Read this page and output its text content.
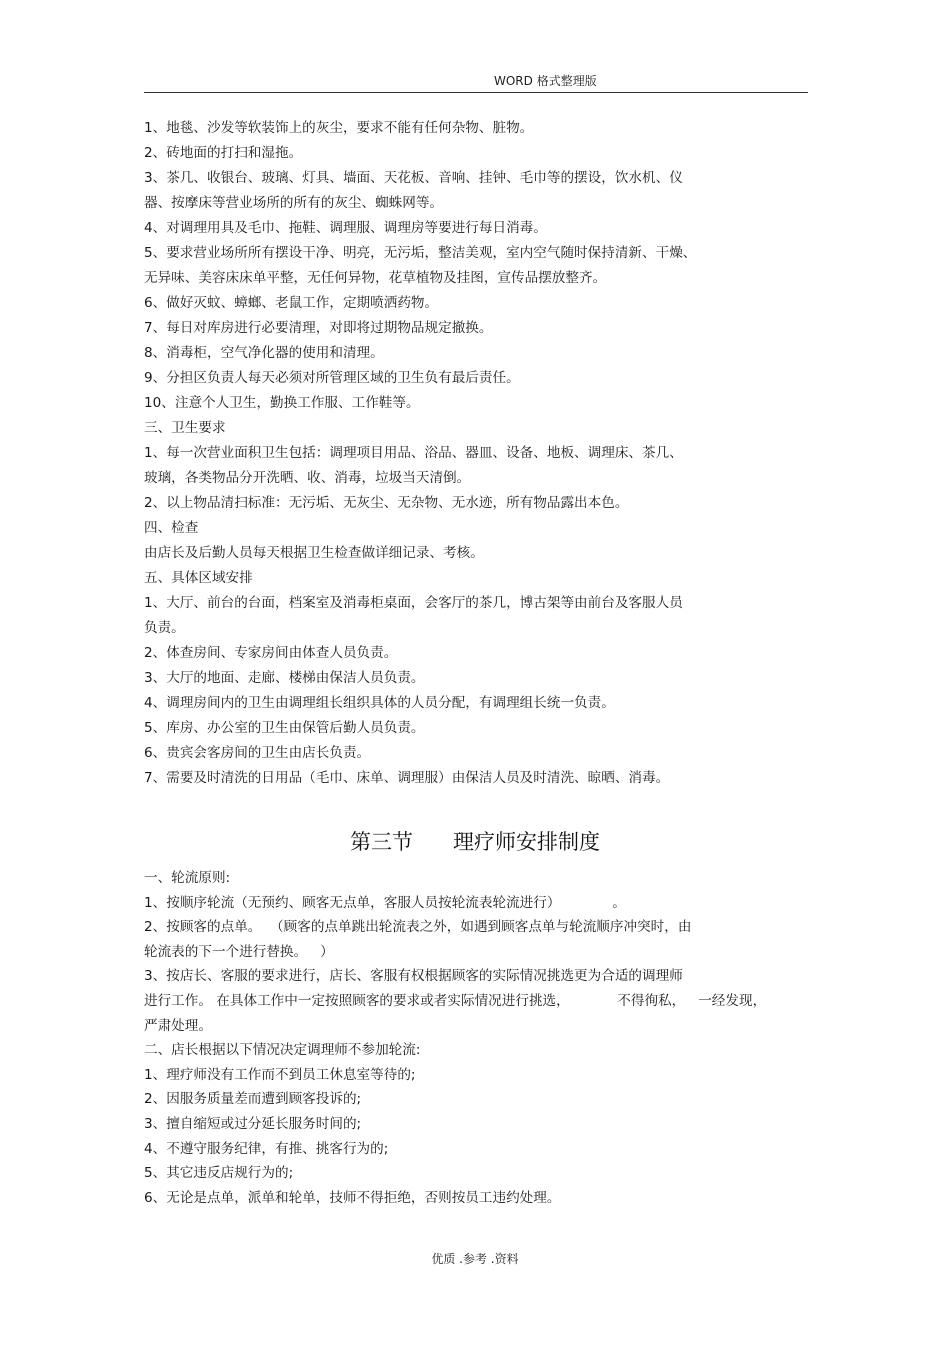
WORD 格式整理版

1、地毯、沙发等软装饰上的灰尘，要求不能有任何杂物、脏物。

2、砖地面的打扫和湿拖。

3、茶几、收银台、玻璃、灯具、墙面、天花板、音响、挂钟、毛巾等的摆设，饮水机、仪

器、按摩床等营业场所的所有的灰尘、蜘蛛网等。

4、对调理用具及毛巾、拖鞋、调理服、调理房等要进行每日消毒。

5、要求营业场所所有摆设干净、明亮，无污垢，整洁美观，室内空气随时保持清新、干燥、

无异味、美容床床单平整，无任何异物，花草植物及挂图，宣传品摆放整齐。

6、做好灭蚊、蟑螂、老鼠工作，定期喷洒药物。

7、每日对库房进行必要清理，对即将过期物品规定撤换。

8、消毒柜，空气净化器的使用和清理。

9、分担区负责人每天必须对所管理区域的卫生负有最后责任。

10、注意个人卫生，勤换工作服、工作鞋等。

三、卫生要求

1、每一次营业面积卫生包括：调理项目用品、浴品、器皿、设备、地板、调理床、茶几、

玻璃，各类物品分开洗晒、收、消毒，垃圾当天清倒。

2、以上物品清扫标准：无污垢、无灰尘、无杂物、无水迹，所有物品露出本色。

四、检查

由店长及后勤人员每天根据卫生检查做详细记录、考核。

五、具体区域安排

1、大厅、前台的台面，档案室及消毒柜桌面，会客厅的茶几，博古架等由前台及客服人员

负责。

2、体查房间、专家房间由体查人员负责。

3、大厅的地面、走廊、楼梯由保洁人员负责。

4、调理房间内的卫生由调理组长组织具体的人员分配，有调理组长统一负责。

5、库房、办公室的卫生由保管后勤人员负责。

6、贵宾会客房间的卫生由店长负责。

7、需要及时清洗的日用品（毛巾、床单、调理服）由保洁人员及时清洗、晾晒、消毒。

第三节      理疗师安排制度

一、轮流原则:

1、按顺序轮流（无预约、顾客无点单，客服人员按轮流表轮流进行）            。

2、按顾客的点单。  （顾客的点单跳出轮流表之外，如遇到顾客点单与轮流顺序冲突时，由

轮流表的下一个进行替换。   ）

3、按店长、客服的要求进行，店长、客服有权根据顾客的实际情况挑选更为合适的调理师

进行工作。 在具体工作中一定按照顾客的要求或者实际情况进行挑选，           不得徇私，   一经发现，

严肃处理。

二、店长根据以下情况决定调理师不参加轮流:

1、理疗师没有工作而不到员工休息室等待的;

2、因服务质量差而遭到顾客投诉的;

3、擅自缩短或过分延长服务时间的;

4、不遵守服务纪律，有推、挑客行为的;

5、其它违反店规行为的;

6、无论是点单，派单和轮单，技师不得拒绝，否则按员工违约处理。

优质 .参考 .资料
